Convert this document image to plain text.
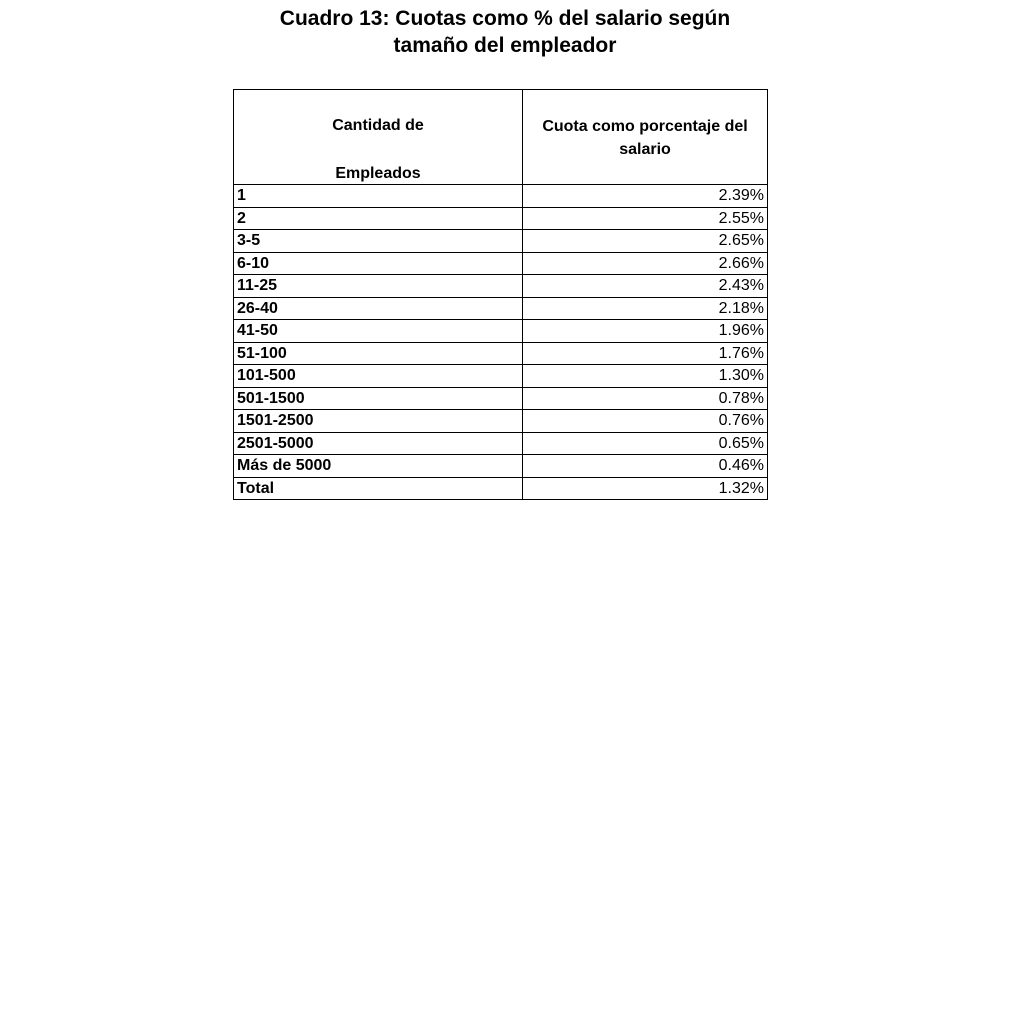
Cuadro 13: Cuotas como % del salario según
tamaño del empleador
Cantidad de
Empleados	Cuota como porcentaje del salario

1	2.39%
2	2.55%
3-5	2.65%
6-10	2.66%
11-25	2.43%
26-40	2.18%
41-50	1.96%
51-100	1.76%
101-500	1.30%
501-1500	0.78%
1501-2500	0.76%
2501-5000	0.65%
Más de 5000	0.46%
Total	1.32%
